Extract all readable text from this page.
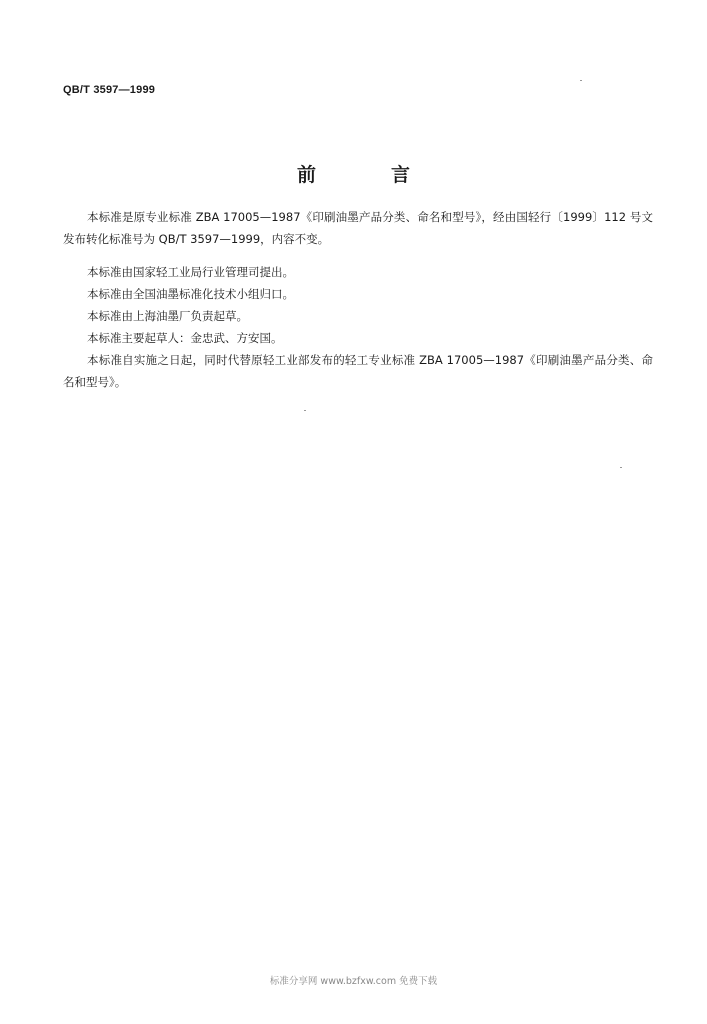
QB/T 3597—1999
前　言

本标准是原专业标准 ZBA 17005—1987《印刷油墨产品分类、命名和型号》，经由国轻行〔1999〕112 号文发布转化标准号为 QB/T 3597—1999，内容不变。

本标准由国家轻工业局行业管理司提出。

本标准由全国油墨标准化技术小组归口。

本标准由上海油墨厂负责起草。

本标准主要起草人：金忠武、方安国。

本标准自实施之日起，同时代替原轻工业部发布的轻工专业标准 ZBA 17005—1987《印刷油墨产品分类、命名和型号》。

标准分享网 www.bzfxw.com 免费下载
